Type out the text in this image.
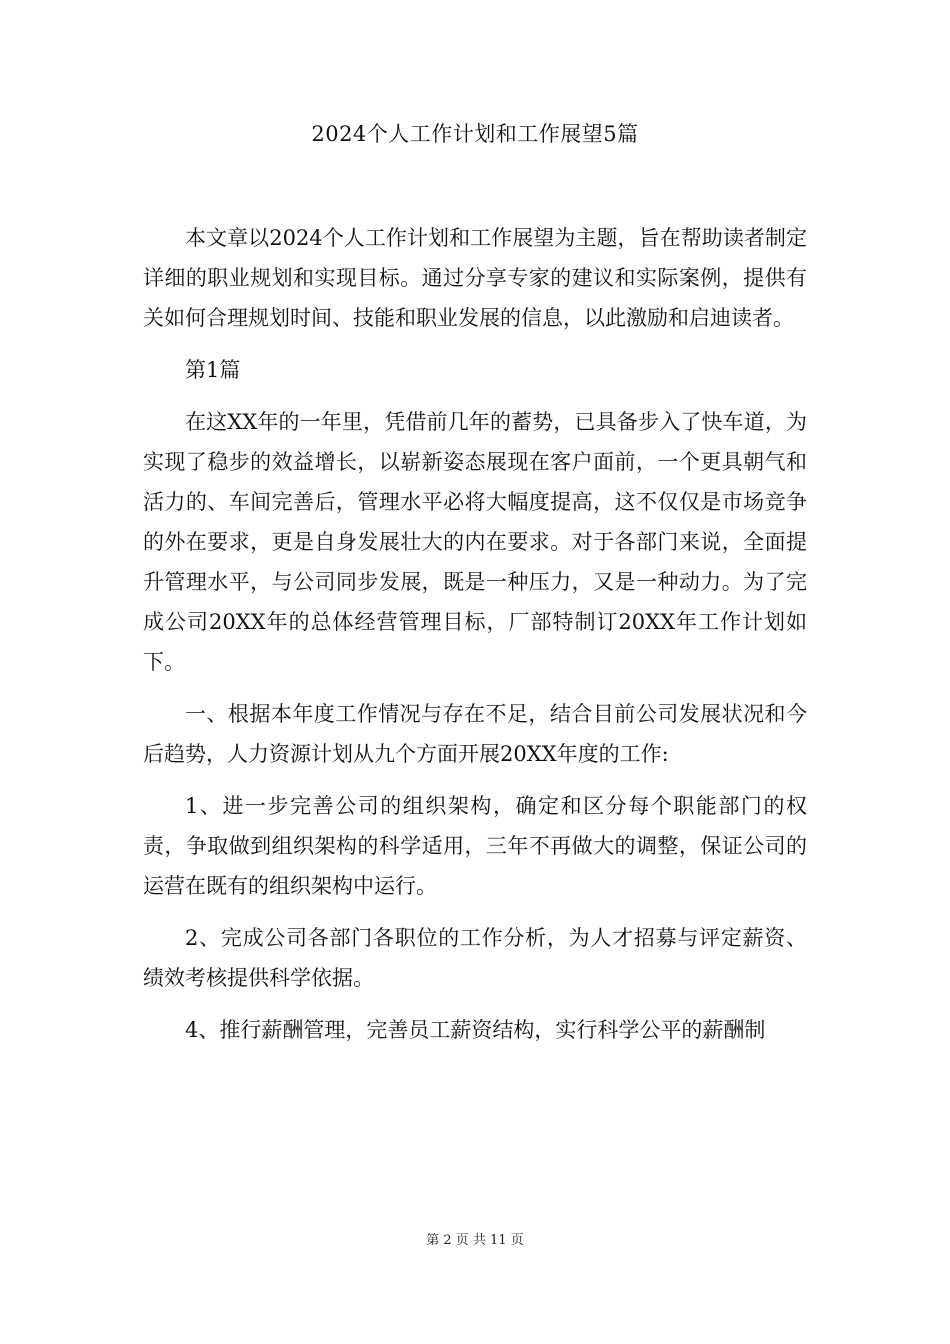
2024个人工作计划和工作展望5篇

本文章以2024个人工作计划和工作展望为主题，旨在帮助读者制定详细的职业规划和实现目标。通过分享专家的建议和实际案例，提供有关如何合理规划时间、技能和职业发展的信息，以此激励和启迪读者。

第1篇

在这XX年的一年里，凭借前几年的蓄势，已具备步入了快车道，为实现了稳步的效益增长，以崭新姿态展现在客户面前，一个更具朝气和活力的、车间完善后，管理水平必将大幅度提高，这不仅仅是市场竞争的外在要求，更是自身发展壮大的内在要求。对于各部门来说，全面提升管理水平，与公司同步发展，既是一种压力，又是一种动力。为了完成公司20XX年的总体经营管理目标，厂部特制订20XX年工作计划如下。

一、根据本年度工作情况与存在不足，结合目前公司发展状况和今后趋势，人力资源计划从九个方面开展20XX年度的工作:

1、进一步完善公司的组织架构，确定和区分每个职能部门的权责，争取做到组织架构的科学适用，三年不再做大的调整，保证公司的运营在既有的组织架构中运行。

2、完成公司各部门各职位的工作分析，为人才招募与评定薪资、绩效考核提供科学依据。

4、推行薪酬管理，完善员工薪资结构，实行科学公平的薪酬制

第 2 页 共 11 页
